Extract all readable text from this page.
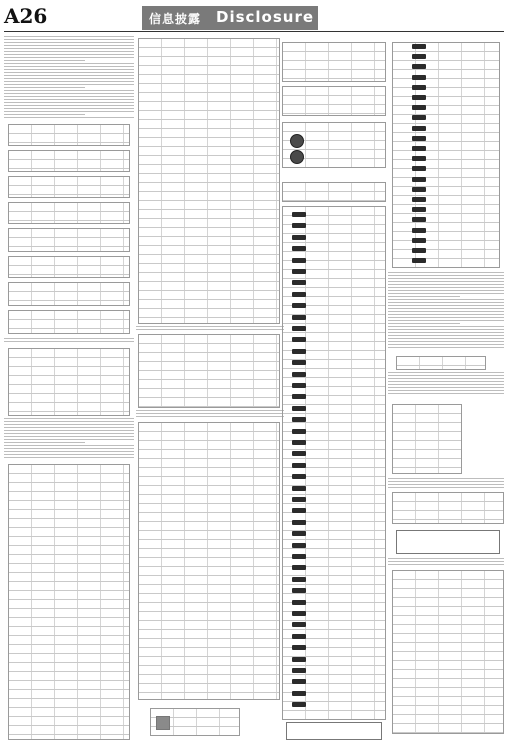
A26	信息披露 Disclosure
